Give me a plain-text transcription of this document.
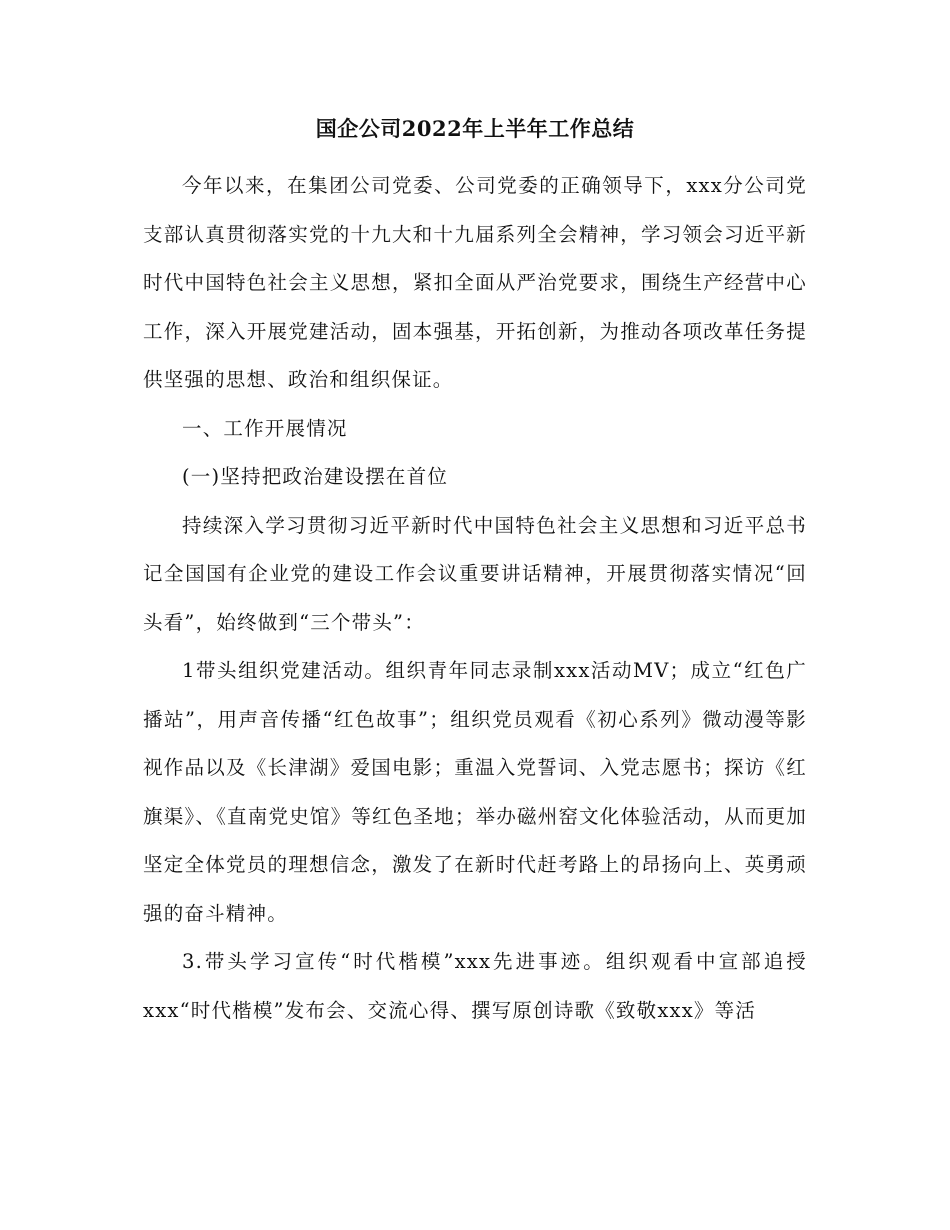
国企公司2022年上半年工作总结

今年以来，在集团公司党委、公司党委的正确领导下，xxx分公司党支部认真贯彻落实党的十九大和十九届系列全会精神，学习领会习近平新时代中国特色社会主义思想，紧扣全面从严治党要求，围绕生产经营中心工作，深入开展党建活动，固本强基，开拓创新，为推动各项改革任务提供坚强的思想、政治和组织保证。

一、工作开展情况

(一)坚持把政治建设摆在首位

持续深入学习贯彻习近平新时代中国特色社会主义思想和习近平总书记全国国有企业党的建设工作会议重要讲话精神，开展贯彻落实情况“回头看”，始终做到“三个带头”：

1带头组织党建活动。组织青年同志录制xxx活动MV；成立“红色广播站”，用声音传播“红色故事”；组织党员观看《初心系列》微动漫等影视作品以及《长津湖》爱国电影；重温入党誓词、入党志愿书；探访《红旗渠》、《直南党史馆》等红色圣地；举办磁州窑文化体验活动，从而更加坚定全体党员的理想信念，激发了在新时代赶考路上的昂扬向上、英勇顽强的奋斗精神。

3.带头学习宣传“时代楷模”xxx先进事迹。组织观看中宣部追授xxx“时代楷模”发布会、交流心得、撰写原创诗歌《致敬xxx》等活
